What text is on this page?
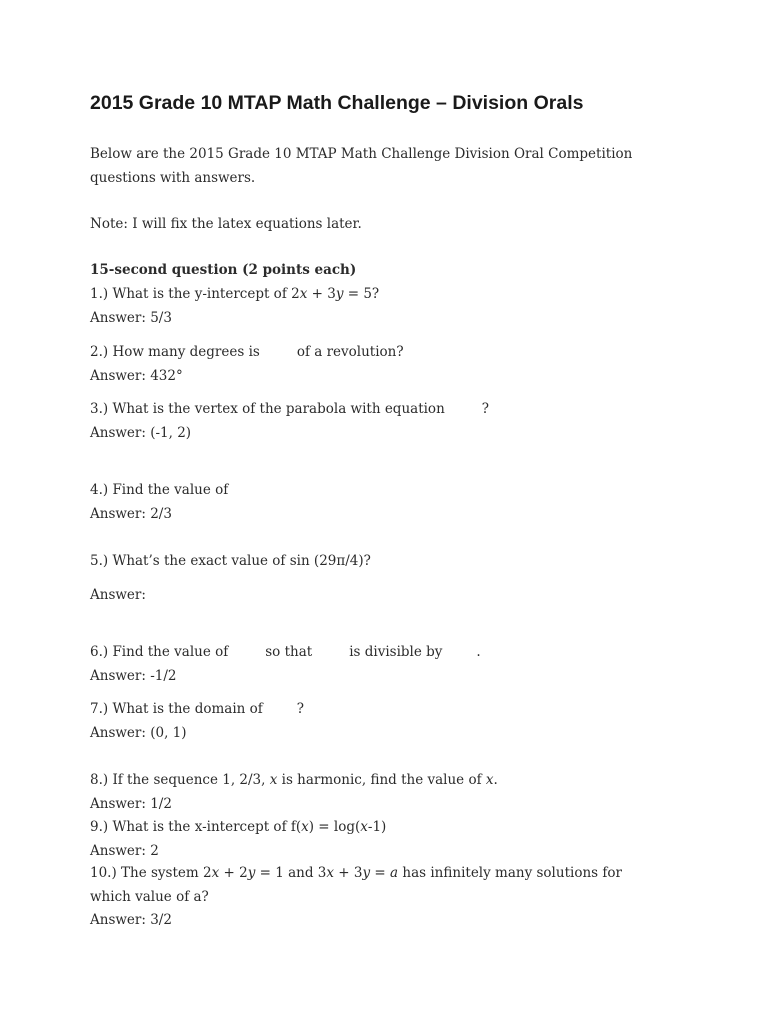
2015 Grade 10 MTAP Math Challenge – Division Orals
Below are the 2015 Grade 10 MTAP Math Challenge Division Oral Competition questions with answers.
Note: I will fix the latex equations later.
15-second question (2 points each)
1.) What is the y-intercept of 2x + 3y = 5?
Answer: 5/3
2.) How many degrees is	of a revolution?
Answer: 432°
3.) What is the vertex of the parabola with equation	?
Answer: (-1, 2)
4.) Find the value of
Answer: 2/3
5.) What’s the exact value of sin (29π/4)?
Answer:
6.) Find the value of	so that	is divisible by	.
Answer: -1/2
7.) What is the domain of	?
Answer: (0, 1)
8.) If the sequence 1, 2/3, x is harmonic, find the value of x.
Answer: 1/2
9.) What is the x-intercept of f(x) = log(x-1)
Answer: 2
10.) The system 2x + 2y = 1 and 3x + 3y = a has infinitely many solutions for which value of a?
Answer: 3/2
